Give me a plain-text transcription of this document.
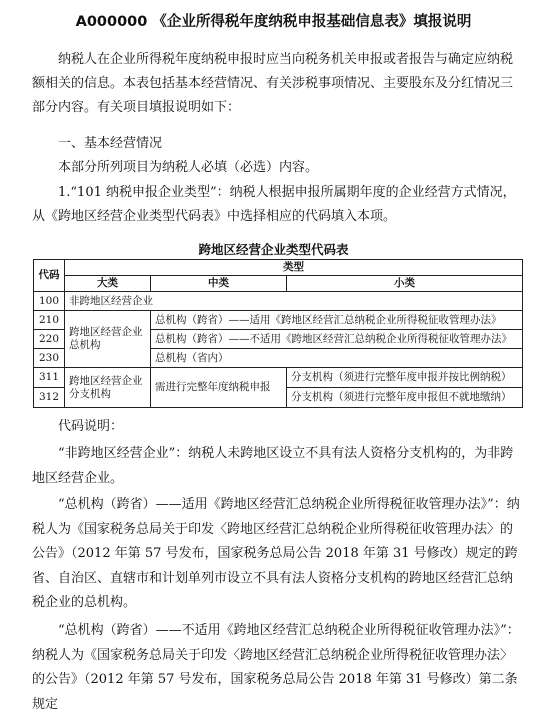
A000000 《企业所得税年度纳税申报基础信息表》填报说明

纳税人在企业所得税年度纳税申报时应当向税务机关申报或者报告与确定应纳税额相关的信息。本表包括基本经营情况、有关涉税事项情况、主要股东及分红情况三部分内容。有关项目填报说明如下：

一、基本经营情况
本部分所列项目为纳税人必填（必选）内容。
1.“101 纳税申报企业类型”：纳税人根据申报所属期年度的企业经营方式情况，
从《跨地区经营企业类型代码表》中选择相应的代码填入本项。
跨地区经营企业类型代码表
代码	类型		
	大类	中类	小类
100	非跨地区经营企业		
210	跨地区经营企业总机构	总机构（跨省）——适用《跨地区经营汇总纳税企业所得税征收管理办法》	
220		总机构（跨省）——不适用《跨地区经营汇总纳税企业所得税征收管理办法》	
230		总机构（省内）	
311	跨地区经营企业分支机构	需进行完整年度纳税申报	分支机构（须进行完整年度申报并按比例纳税）
312			分支机构（须进行完整年度申报但不就地缴纳）
代码说明：

“非跨地区经营企业”：纳税人未跨地区设立不具有法人资格分支机构的，为非跨地区经营企业。

“总机构（跨省）——适用《跨地区经营汇总纳税企业所得税征收管理办法》”：纳税人为《国家税务总局关于印发〈跨地区经营汇总纳税企业所得税征收管理办法〉的公告》（2012 年第 57 号发布，国家税务总局公告 2018 年第 31 号修改）规定的跨省、自治区、直辖市和计划单列市设立不具有法人资格分支机构的跨地区经营汇总纳税企业的总机构。

“总机构（跨省）——不适用《跨地区经营汇总纳税企业所得税征收管理办法》”：纳税人为《国家税务总局关于印发〈跨地区经营汇总纳税企业所得税征收管理办法〉的公告》（2012 年第 57 号发布，国家税务总局公告 2018 年第 31 号修改）第二条规定
